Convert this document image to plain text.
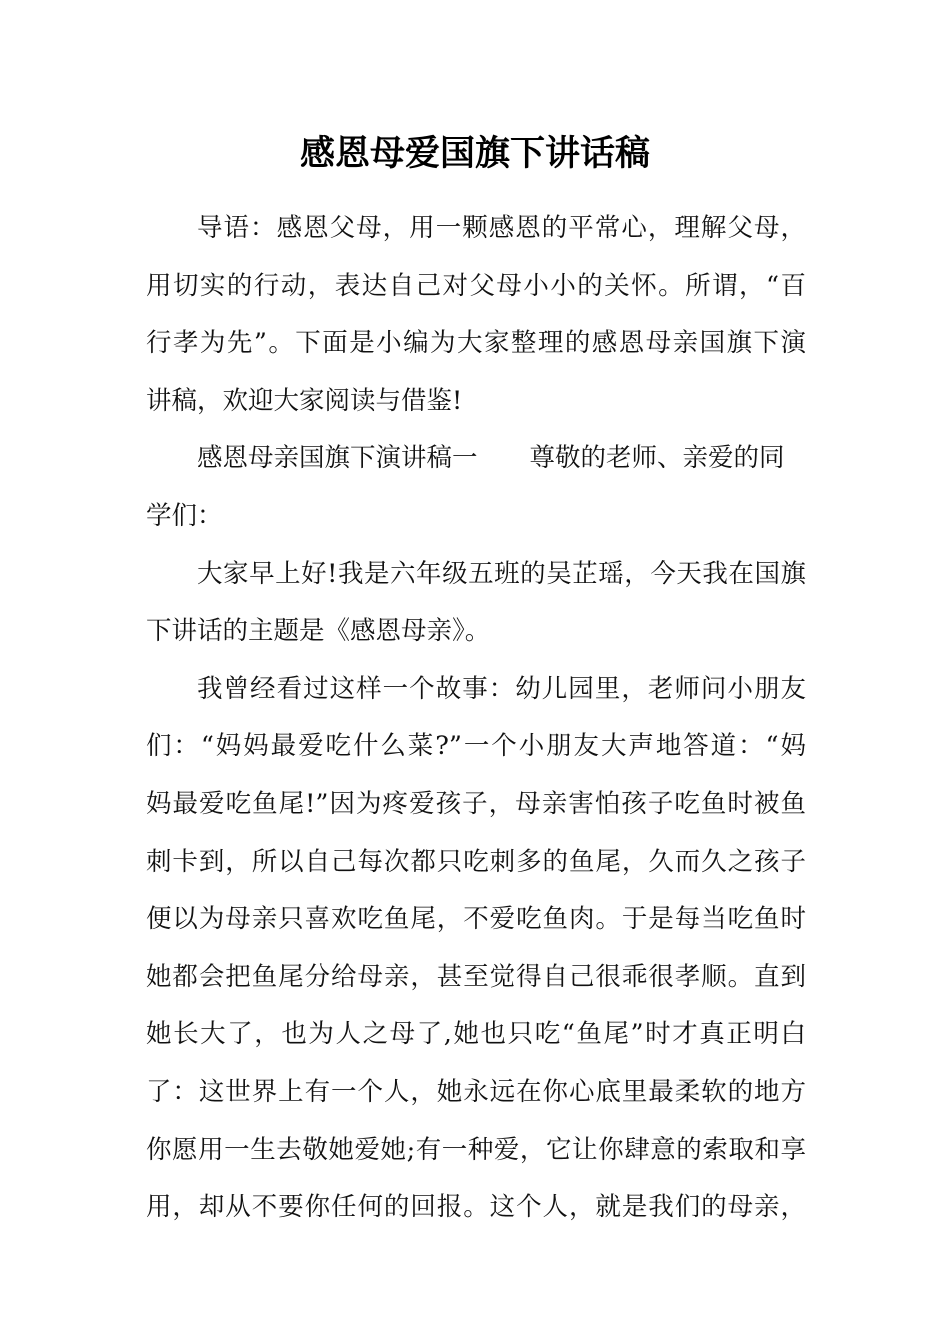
感恩母爱国旗下讲话稿
导语：感恩父母，用一颗感恩的平常心，理解父母，
用切实的行动，表达自己对父母小小的关怀。所谓，“百
行孝为先”。下面是小编为大家整理的感恩母亲国旗下演
讲稿，欢迎大家阅读与借鉴!
感恩母亲国旗下演讲稿一 尊敬的老师、亲爱的同
学们：
大家早上好!我是六年级五班的吴芷瑶，今天我在国旗
下讲话的主题是《感恩母亲》。
我曾经看过这样一个故事：幼儿园里，老师问小朋友
们：“妈妈最爱吃什么菜?”一个小朋友大声地答道：“妈
妈最爱吃鱼尾!”因为疼爱孩子，母亲害怕孩子吃鱼时被鱼
刺卡到，所以自己每次都只吃刺多的鱼尾，久而久之孩子
便以为母亲只喜欢吃鱼尾，不爱吃鱼肉。于是每当吃鱼时
她都会把鱼尾分给母亲，甚至觉得自己很乖很孝顺。直到
她长大了，也为人之母了,她也只吃“鱼尾”时才真正明白
了：这世界上有一个人，她永远在你心底里最柔软的地方
你愿用一生去敬她爱她;有一种爱，它让你肆意的索取和享
用，却从不要你任何的回报。这个人，就是我们的母亲，
